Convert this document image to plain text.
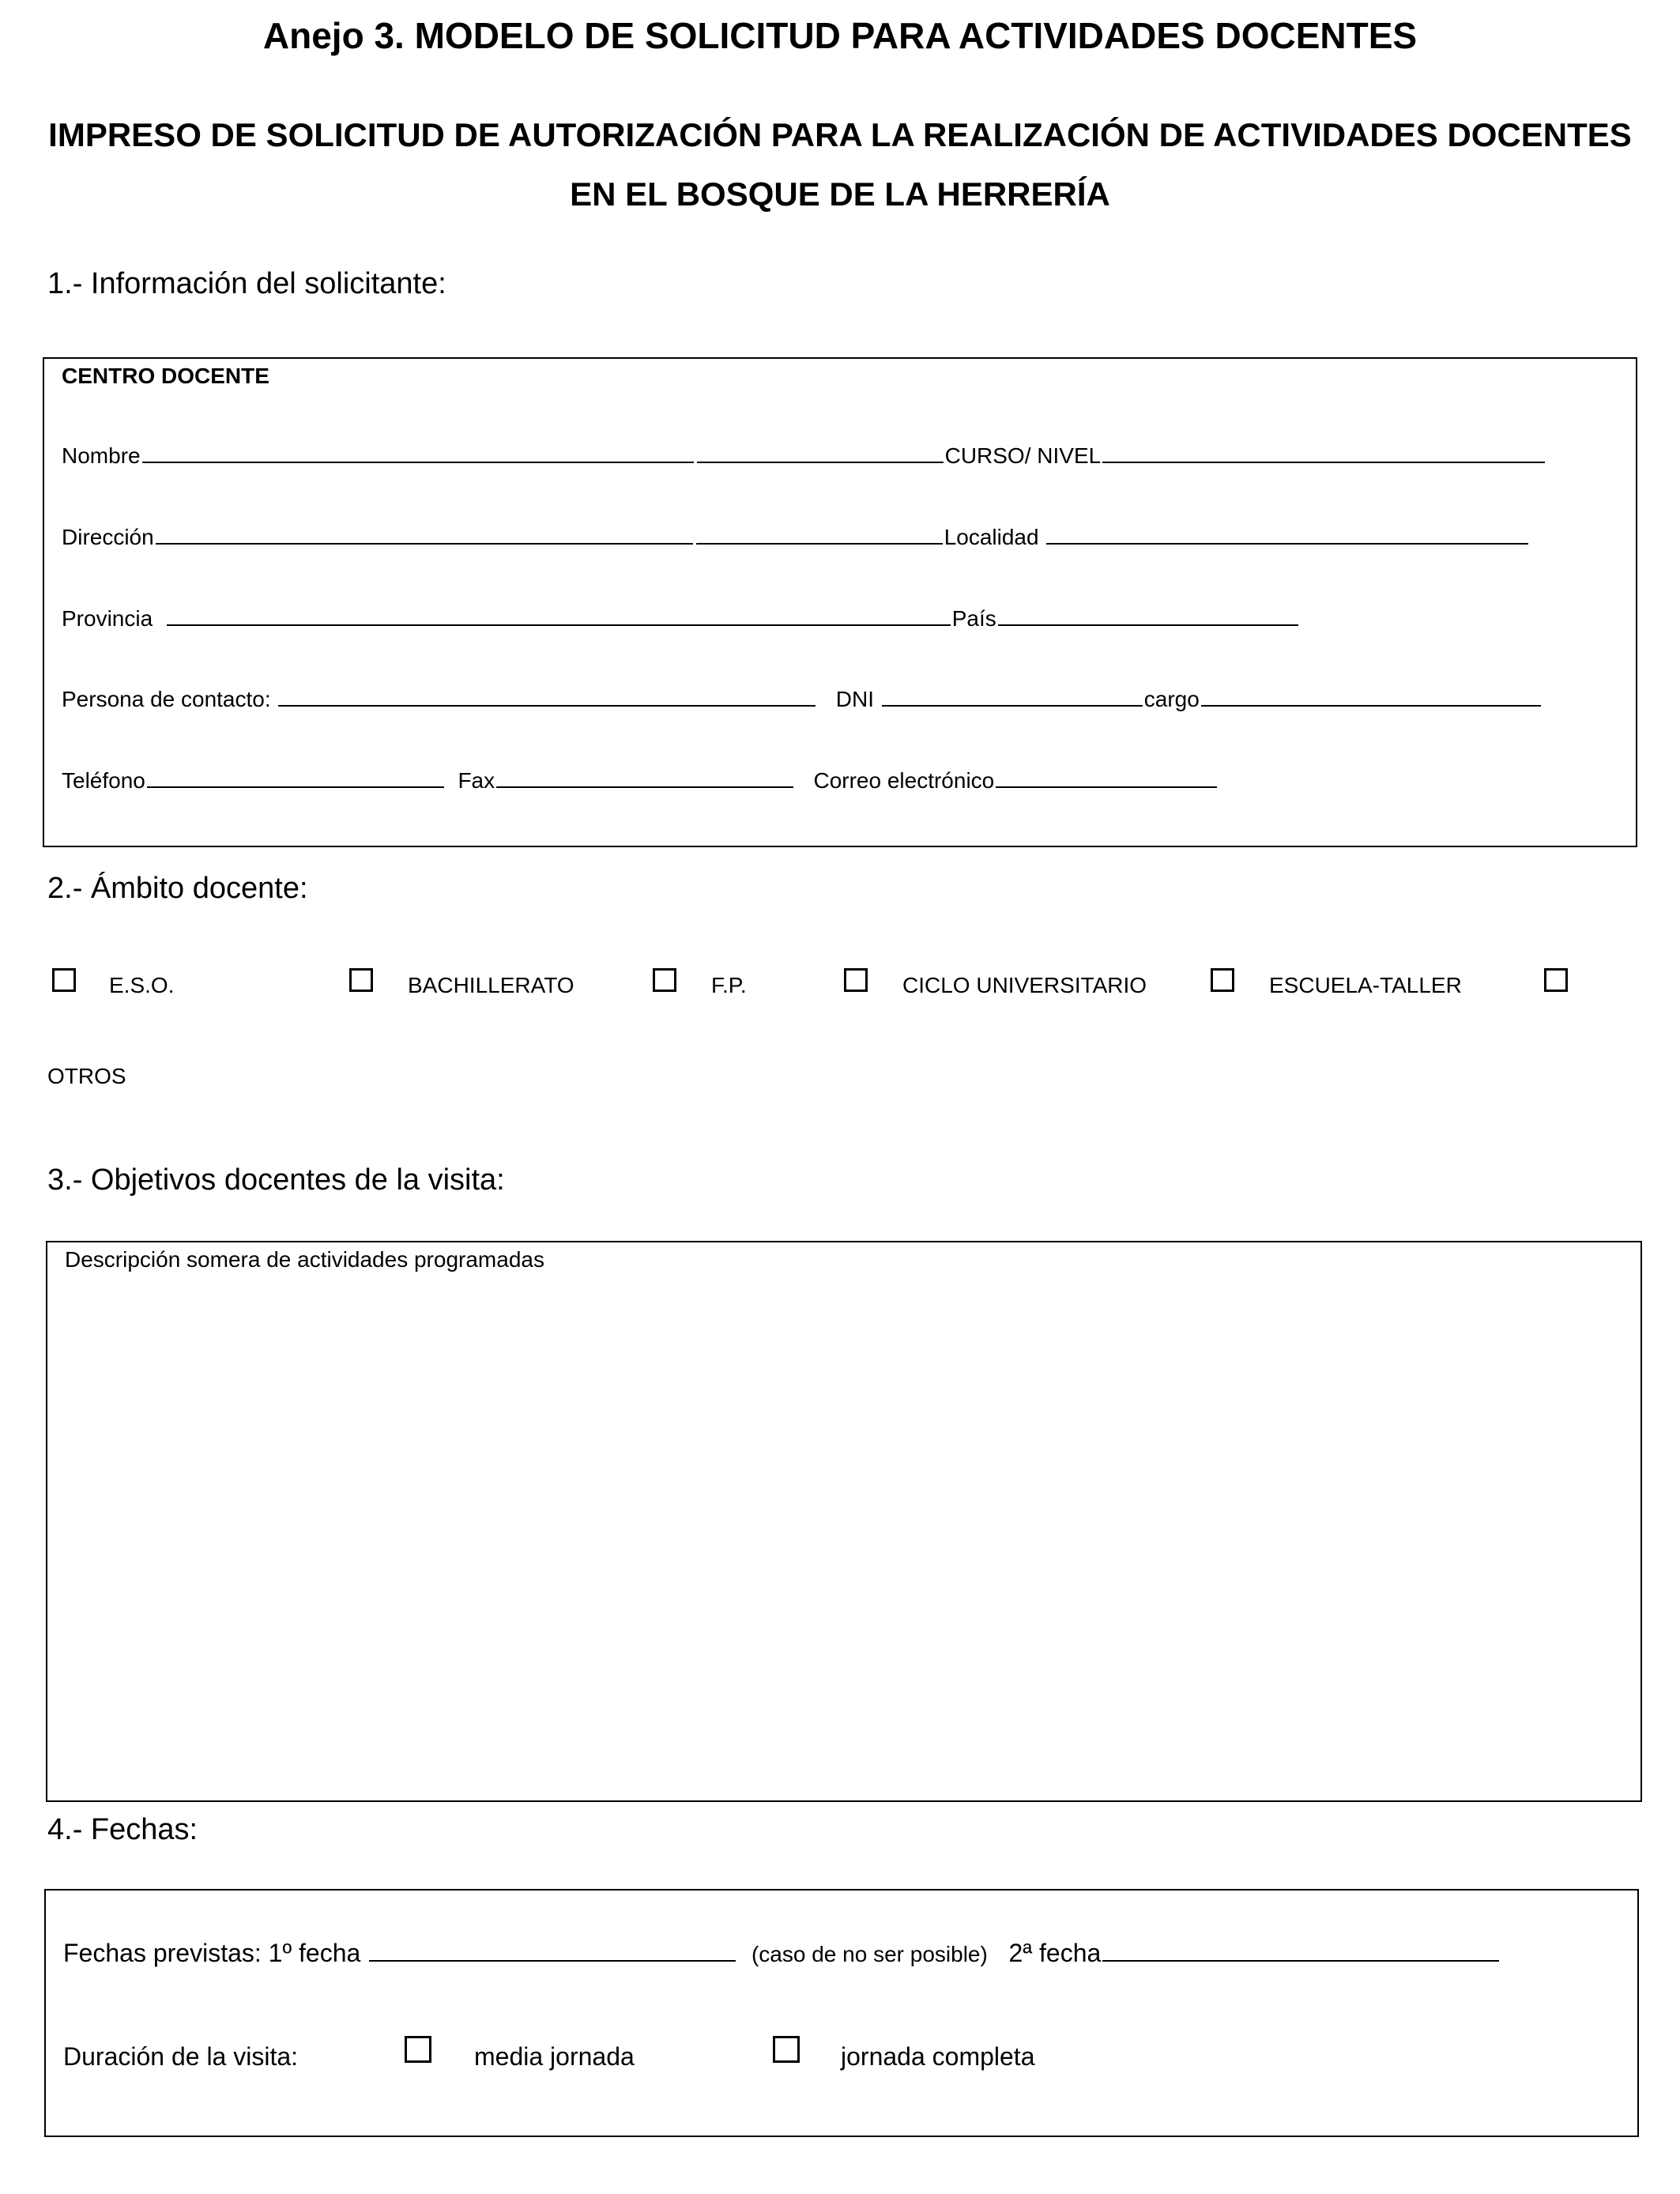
Anejo 3. MODELO DE SOLICITUD PARA ACTIVIDADES DOCENTES
IMPRESO DE SOLICITUD DE AUTORIZACIÓN PARA LA REALIZACIÓN DE ACTIVIDADES DOCENTES
EN EL BOSQUE DE LA HERRERÍA
1.- Información del solicitante:
CENTRO DOCENTE
Nombre	CURSO/ NIVEL
Dirección	Localidad
Provincia	País
Persona de contacto:	DNI	cargo
Teléfono	Fax	Correo electrónico
2.- Ámbito docente:
E.S.O.	BACHILLERATO	F.P.	CICLO UNIVERSITARIO	ESCUELA-TALLER
OTROS
3.- Objetivos docentes de la visita:
Descripción somera de actividades programadas
4.- Fechas:
Fechas previstas: 1º fecha	(caso de no ser posible) 2ª fecha
Duración de la visita:	media jornada	jornada completa
